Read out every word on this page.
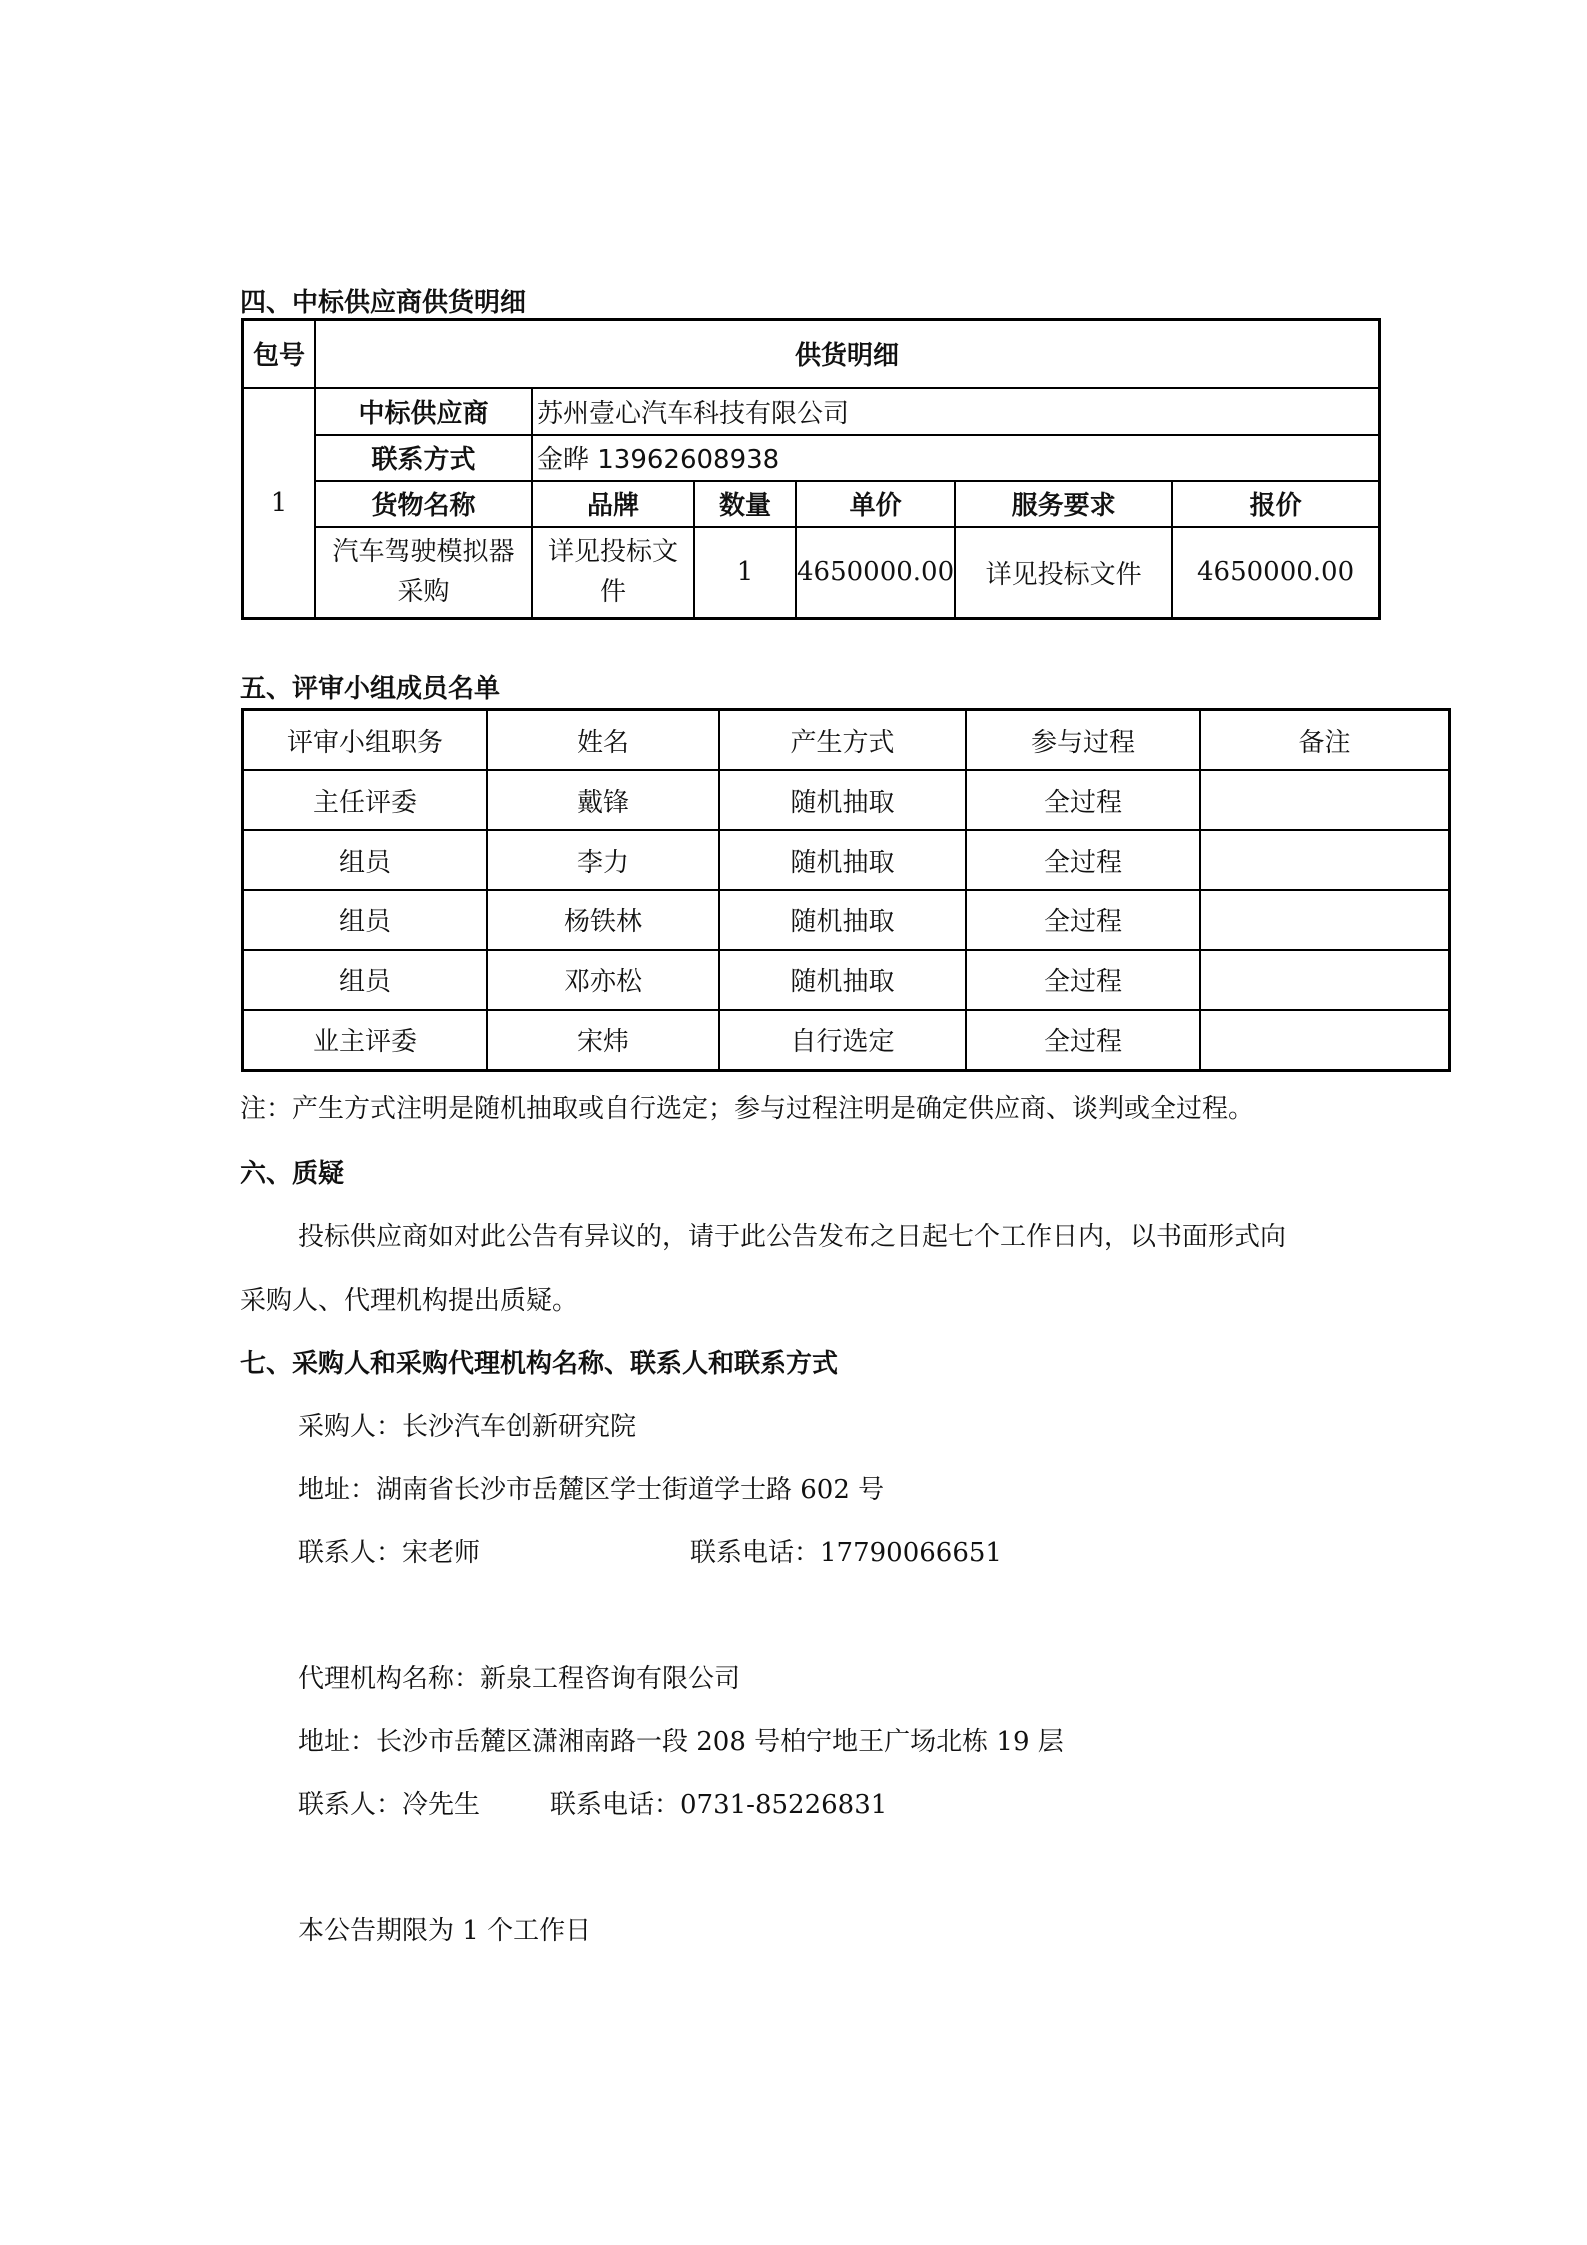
四、中标供应商供货明细
包号	供货明细
1	
中标供应商	苏州壹心汽车科技有限公司
联系方式	金晔 13962608938
货物名称	品牌	数量	单价	服务要求	报价
汽车驾驶模拟器采购	详见投标文件	1	4650000.00	详见投标文件	4650000.00
五、评审小组成员名单
评审小组职务	姓名	产生方式	参与过程	备注
主任评委	戴锋	随机抽取	全过程	
组员	李力	随机抽取	全过程	
组员	杨铁林	随机抽取	全过程	
组员	邓亦松	随机抽取	全过程	
业主评委	宋炜	自行选定	全过程	
注：产生方式注明是随机抽取或自行选定；参与过程注明是确定供应商、谈判或全过程。
六、质疑
投标供应商如对此公告有异议的，请于此公告发布之日起七个工作日内，以书面形式向
采购人、代理机构提出质疑。
七、采购人和采购代理机构名称、联系人和联系方式
采购人：长沙汽车创新研究院
地址：湖南省长沙市岳麓区学士街道学士路 602 号
联系人：宋老师	联系电话：17790066651
代理机构名称：新泉工程咨询有限公司
地址：长沙市岳麓区潇湘南路一段 208 号柏宁地王广场北栋 19 层
联系人：冷先生	联系电话：0731-85226831
本公告期限为 1 个工作日
